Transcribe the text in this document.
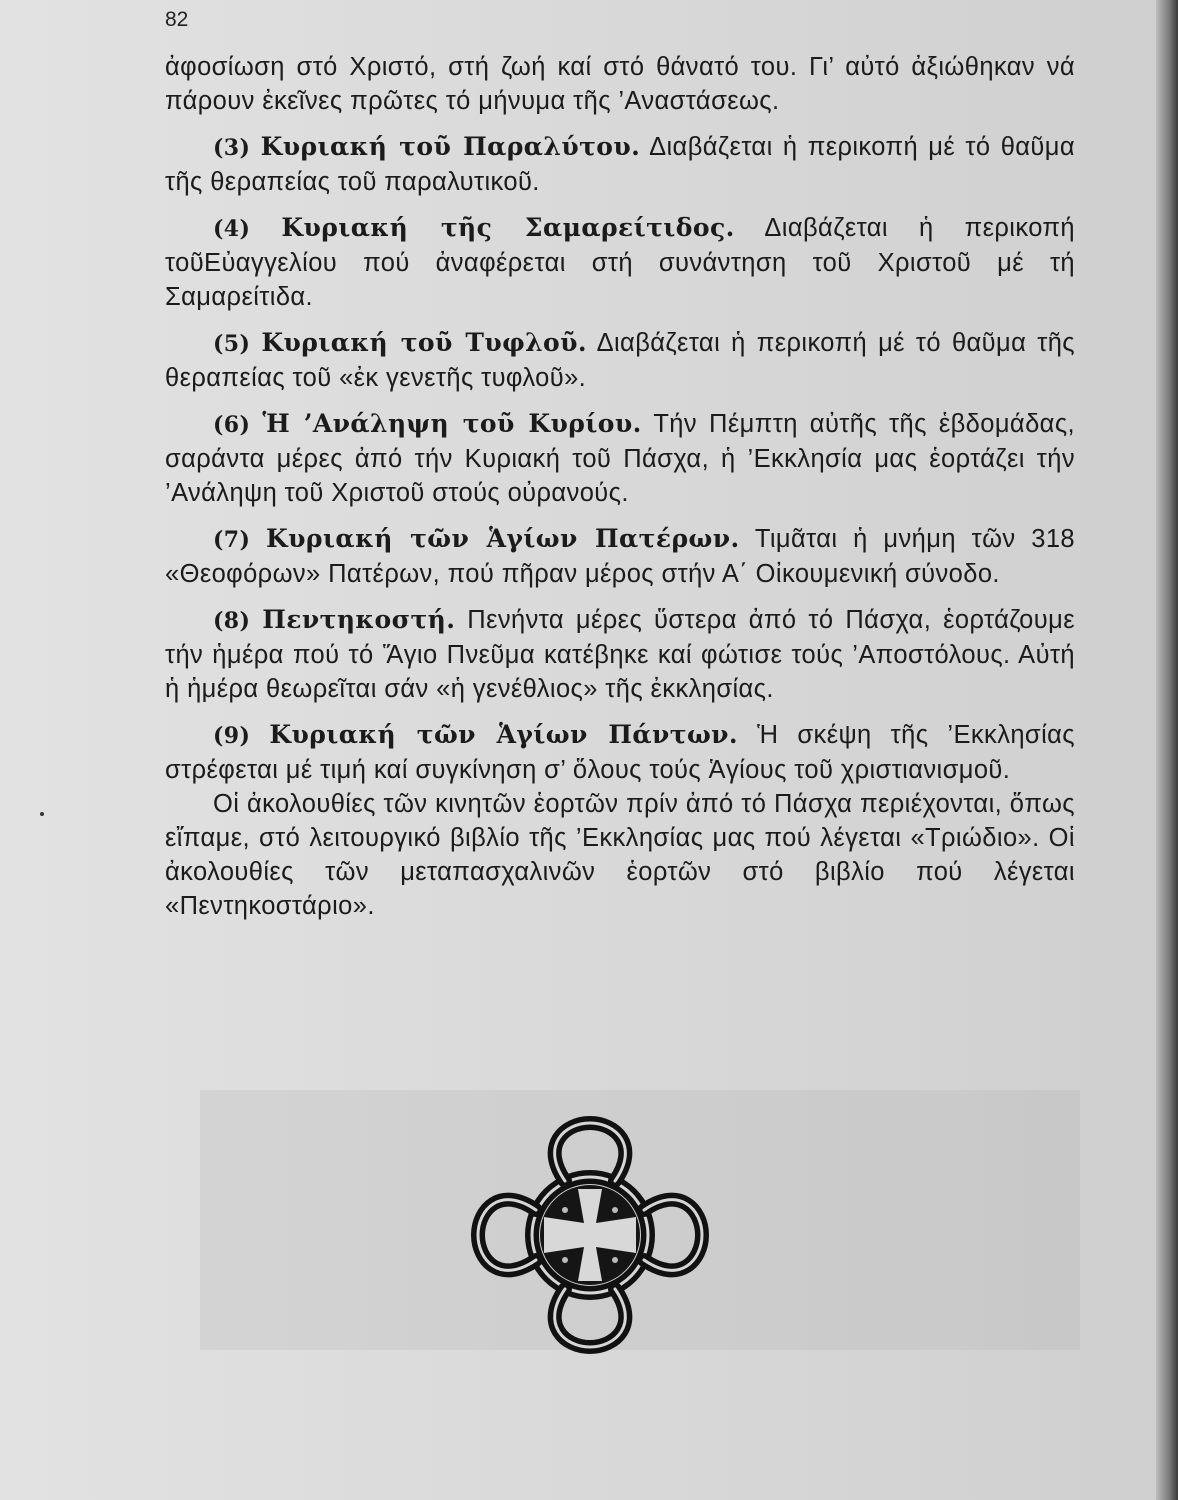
82

ἀφοσίωση στό Χριστό, στή ζωή καί στό θάνατό του. Γι’ αὐτό ἀξιώθηκαν νά πάρουν ἐκεῖνες πρῶτες τό μήνυμα τῆς ’Αναστάσεως.

(3) Κυριακή τοῦ Παραλύτου. Διαβάζεται ἡ περικοπή μέ τό θαῦμα τῆς θεραπείας τοῦ παραλυτικοῦ.

(4) Κυριακή τῆς Σαμαρείτιδος. Διαβάζεται ἡ περικοπή τοῦΕὐαγγελίου πού ἀναφέρεται στή συνάντηση τοῦ Χριστοῦ μέ τή Σαμαρείτιδα.

(5) Κυριακή τοῦ Τυφλοῦ. Διαβάζεται ἡ περικοπή μέ τό θαῦμα τῆς θεραπείας τοῦ «ἐκ γενετῆς τυφλοῦ».

(6) Ἡ ’Ανάληψη τοῦ Κυρίου. Τήν Πέμπτη αὐτῆς τῆς ἑβδομάδας, σαράντα μέρες ἀπό τήν Κυριακή τοῦ Πάσχα, ἡ ’Εκκλησία μας ἑορτάζει τήν ’Ανάληψη τοῦ Χριστοῦ στούς οὐρανούς.

(7) Κυριακή τῶν Ἁγίων Πατέρων. Τιμᾶται ἡ μνήμη τῶν 318 «Θεοφόρων» Πατέρων, πού πῆραν μέρος στήν Α΄ Οἰκουμενική σύνοδο.

(8) Πεντηκοστή. Πενήντα μέρες ὕστερα ἀπό τό Πάσχα, ἑορτάζουμε τήν ἡμέρα πού τό Ἅγιο Πνεῦμα κατέβηκε καί φώτισε τούς ’Αποστόλους. Αὐτή ἡ ἡμέρα θεωρεῖται σάν «ἡ γενέθλιος» τῆς ἐκκλησίας.

(9) Κυριακή τῶν Ἁγίων Πάντων. Ἡ σκέψη τῆς ’Εκκλησίας στρέφεται μέ τιμή καί συγκίνηση σ’ ὅλους τούς Ἁγίους τοῦ χριστιανισμοῦ.

Οἱ ἀκολουθίες τῶν κινητῶν ἑορτῶν πρίν ἀπό τό Πάσχα περιέχονται, ὅπως εἴπαμε, στό λειτουργικό βιβλίο τῆς ’Εκκλησίας μας πού λέγεται «Τριώδιο». Οἱ ἀκολουθίες τῶν μεταπασχαλινῶν ἑορτῶν στό βιβλίο πού λέγεται «Πεντηκοστάριο».
